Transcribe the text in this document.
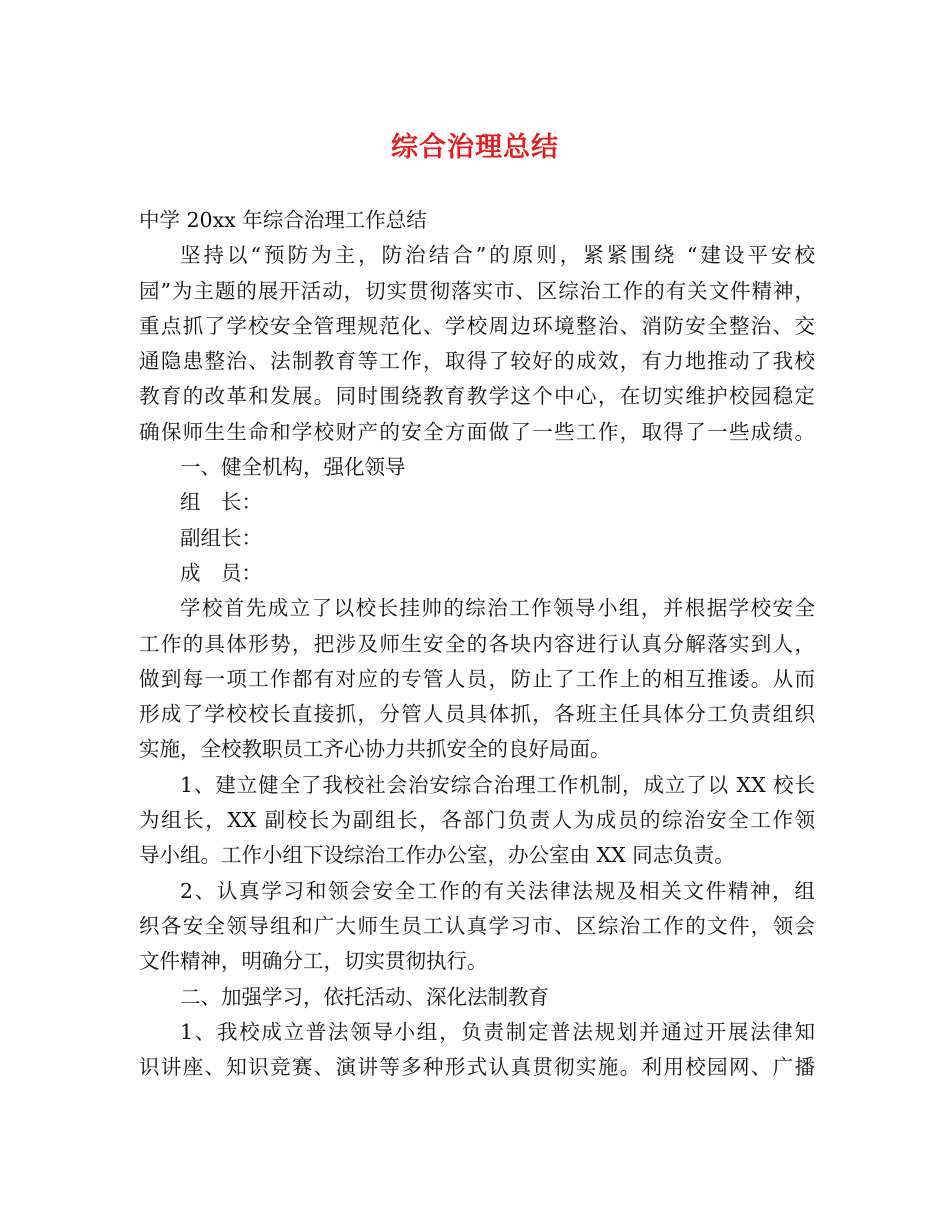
综合治理总结
中学 20xx 年综合治理工作总结
坚持以“预防为主，防治结合”的原则，紧紧围绕 “建设平安校
园”为主题的展开活动，切实贯彻落实市、区综治工作的有关文件精神，
重点抓了学校安全管理规范化、学校周边环境整治、消防安全整治、交
通隐患整治、法制教育等工作，取得了较好的成效，有力地推动了我校
教育的改革和发展。同时围绕教育教学这个中心，在切实维护校园稳定
确保师生生命和学校财产的安全方面做了一些工作，取得了一些成绩。
一、健全机构，强化领导
组　长：
副组长：
成　员：
学校首先成立了以校长挂帅的综治工作领导小组，并根据学校安全
工作的具体形势，把涉及师生安全的各块内容进行认真分解落实到人，
做到每一项工作都有对应的专管人员，防止了工作上的相互推诿。从而
形成了学校校长直接抓，分管人员具体抓，各班主任具体分工负责组织
实施，全校教职员工齐心协力共抓安全的良好局面。
1、建立健全了我校社会治安综合治理工作机制，成立了以 XX 校长
为组长，XX 副校长为副组长，各部门负责人为成员的综治安全工作领
导小组。工作小组下设综治工作办公室，办公室由 XX 同志负责。
2、认真学习和领会安全工作的有关法律法规及相关文件精神，组
织各安全领导组和广大师生员工认真学习市、区综治工作的文件，领会
文件精神，明确分工，切实贯彻执行。
二、加强学习，依托活动、深化法制教育
1、我校成立普法领导小组，负责制定普法规划并通过开展法律知
识讲座、知识竞赛、演讲等多种形式认真贯彻实施。利用校园网、广播
